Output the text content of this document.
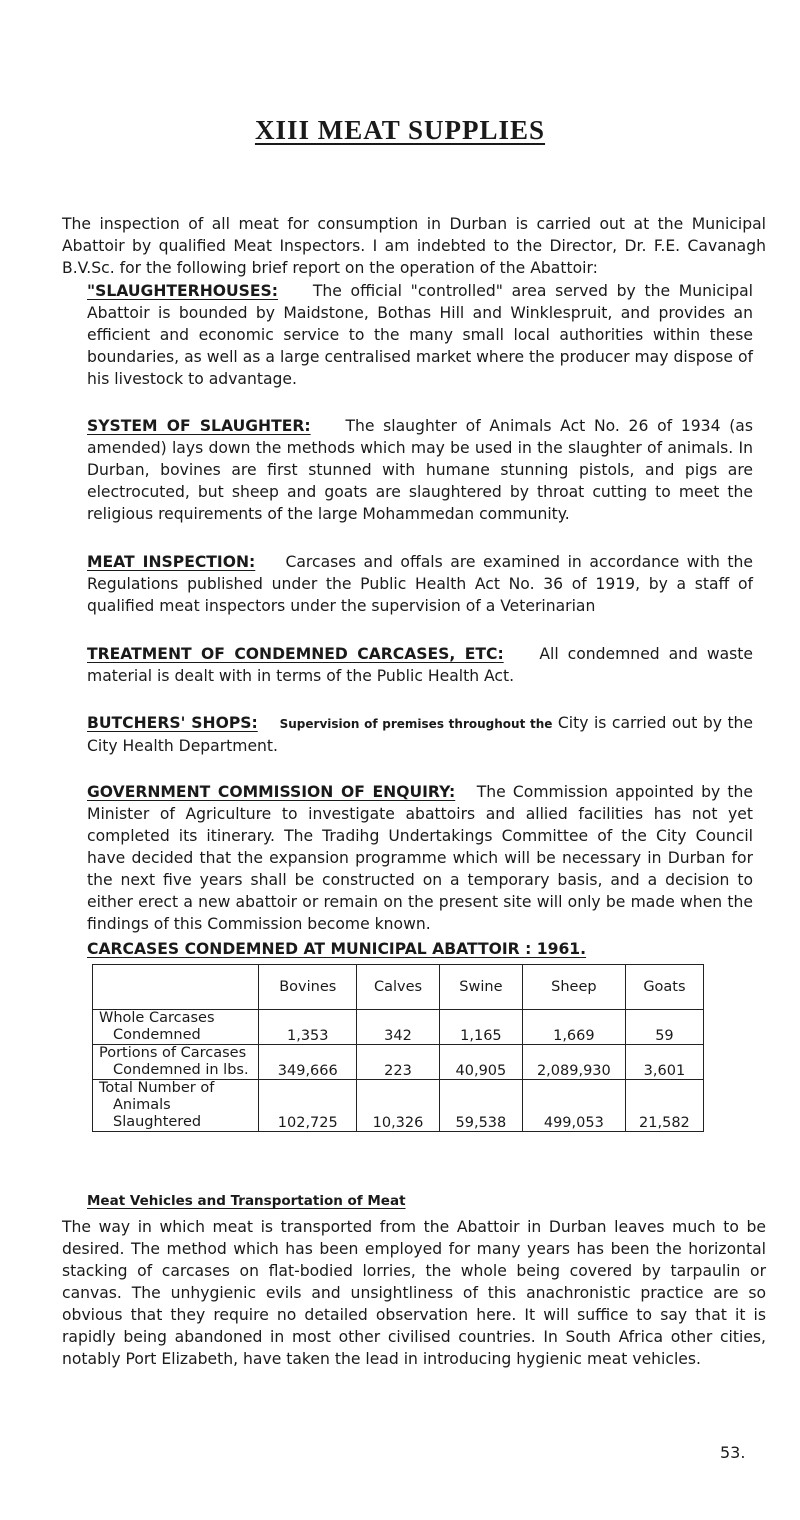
XIII MEAT SUPPLIES

The inspection of all meat for consumption in Durban is carried out at the Municipal Abattoir by qualified Meat Inspectors. I am indebted to the Director, Dr. F.E. Cavanagh B.V.Sc. for the following brief report on the operation of the Abattoir:

"SLAUGHTERHOUSES: The official "controlled" area served by the Municipal Abattoir is bounded by Maidstone, Bothas Hill and Winklespruit, and provides an efficient and economic service to the many small local authorities within these boundaries, as well as a large centralised market where the producer may dispose of his livestock to advantage.

SYSTEM OF SLAUGHTER: The slaughter of Animals Act No. 26 of 1934 (as amended) lays down the methods which may be used in the slaughter of animals. In Durban, bovines are first stunned with humane stunning pistols, and pigs are electrocuted, but sheep and goats are slaughtered by throat cutting to meet the religious requirements of the large Mohammedan community.

MEAT INSPECTION: Carcases and offals are examined in accordance with the Regulations published under the Public Health Act No. 36 of 1919, by a staff of qualified meat inspectors under the supervision of a Veterinarian

TREATMENT OF CONDEMNED CARCASES, ETC: All condemned and waste material is dealt with in terms of the Public Health Act.

BUTCHERS' SHOPS: Supervision of premises throughout the City is carried out by the City Health Department.

GOVERNMENT COMMISSION OF ENQUIRY: The Commission appointed by the Minister of Agriculture to investigate abattoirs and allied facilities has not yet completed its itinerary. The Tradihg Undertakings Committee of the City Council have decided that the expansion programme which will be necessary in Durban for the next five years shall be constructed on a temporary basis, and a decision to either erect a new abattoir or remain on the present site will only be made when the findings of this Commission become known.

CARCASES CONDEMNED AT MUNICIPAL ABATTOIR : 1961.

	Bovines	Calves	Swine	Sheep	Goats
Whole Carcases
Condemned	1,353	342	1,165	1,669	59
Portions of Carcases
Condemned in lbs.	349,666	223	40,905	2,089,930	3,601
Total Number of
Animals Slaughtered	102,725	10,326	59,538	499,053	21,582

Meat Vehicles and Transportation of Meat

The way in which meat is transported from the Abattoir in Durban leaves much to be desired. The method which has been employed for many years has been the horizontal stacking of carcases on flat-bodied lorries, the whole being covered by tarpaulin or canvas. The unhygienic evils and unsightliness of this anachronistic practice are so obvious that they require no detailed observation here. It will suffice to say that it is rapidly being abandoned in most other civilised countries. In South Africa other cities, notably Port Elizabeth, have taken the lead in introducing hygienic meat vehicles.

53.
